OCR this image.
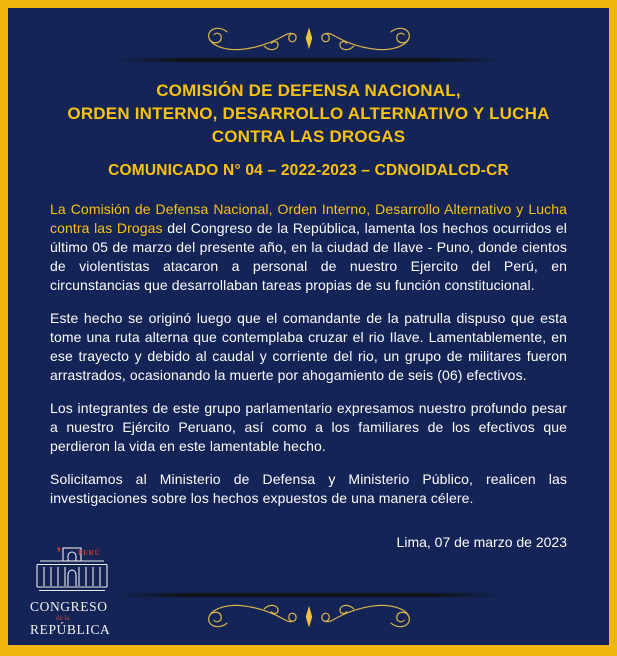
COMISIÓN DE DEFENSA NACIONAL,
ORDEN INTERNO, DESARROLLO ALTERNATIVO Y LUCHA
CONTRA LAS DROGAS
COMUNICADO N° 04 – 2022-2023 – CDNOIDALCD-CR

La Comisión de Defensa Nacional, Orden Interno, Desarrollo Alternativo y Lucha contra las Drogas del Congreso de la República, lamenta los hechos ocurridos el último 05 de marzo del presente año, en la ciudad de Ilave - Puno, donde cientos de violentistas atacaron a personal de nuestro Ejercito del Perú, en circunstancias que desarrollaban tareas propias de su función constitucional.

Este hecho se originó luego que el comandante de la patrulla dispuso que esta tome una ruta alterna que contemplaba cruzar el rio Ilave. Lamentablemente, en ese trayecto y debido al caudal y corriente del rio, un grupo de militares fueron arrastrados, ocasionando la muerte por ahogamiento de seis (06) efectivos.

Los integrantes de este grupo parlamentario expresamos nuestro profundo pesar a nuestro Ejército Peruano, así como a los familiares de los efectivos que perdieron la vida en este lamentable hecho.

Solicitamos al Ministerio de Defensa y Ministerio Público, realicen las investigaciones sobre los hechos expuestos de una manera célere.

Lima, 07 de marzo de 2023
PERÚ
CONGRESO
de la
REPÚBLICA
